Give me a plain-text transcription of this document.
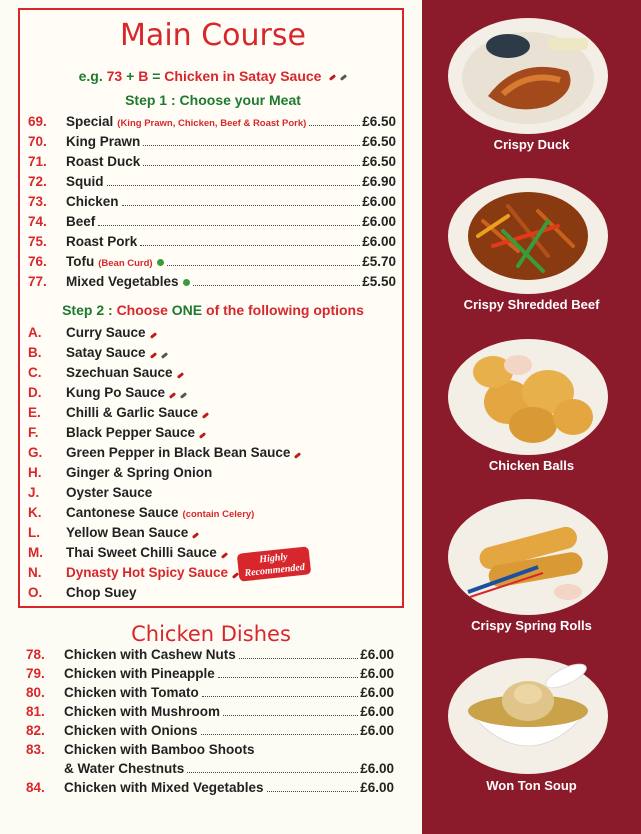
Main Course
e.g. 73 + B = Chicken in Satay Sauce
Step 1 : Choose your Meat
69.	Special (King Prawn, Chicken, Beef & Roast Pork)	£6.50
70.	King Prawn	£6.50
71.	Roast Duck	£6.50
72.	Squid	£6.90
73.	Chicken	£6.00
74.	Beef	£6.00
75.	Roast Pork	£6.00
76.	Tofu (Bean Curd)	£5.70
77.	Mixed Vegetables	£5.50
Step 2 : Choose ONE of the following options
A.	Curry Sauce
B.	Satay Sauce
C.	Szechuan Sauce
D.	Kung Po Sauce
E.	Chilli & Garlic Sauce
F.	Black Pepper Sauce
G.	Green Pepper in Black Bean Sauce
H.	Ginger & Spring Onion
J.	Oyster Sauce
K.	Cantonese Sauce (contain Celery)
L.	Yellow Bean Sauce
M.	Thai Sweet Chilli Sauce
N.	Dynasty Hot Spicy Sauce
O.	Chop Suey
Highly
Recommended
Chicken Dishes
78.	Chicken with Cashew Nuts	£6.00
79.	Chicken with Pineapple	£6.00
80.	Chicken with Tomato	£6.00
81.	Chicken with Mushroom	£6.00
82.	Chicken with Onions	£6.00
83.	Chicken with Bamboo Shoots
& Water Chestnuts	£6.00
84.	Chicken with Mixed Vegetables	£6.00
Crispy Duck
Crispy Shredded Beef
Chicken Balls
Crispy Spring Rolls
Won Ton Soup
